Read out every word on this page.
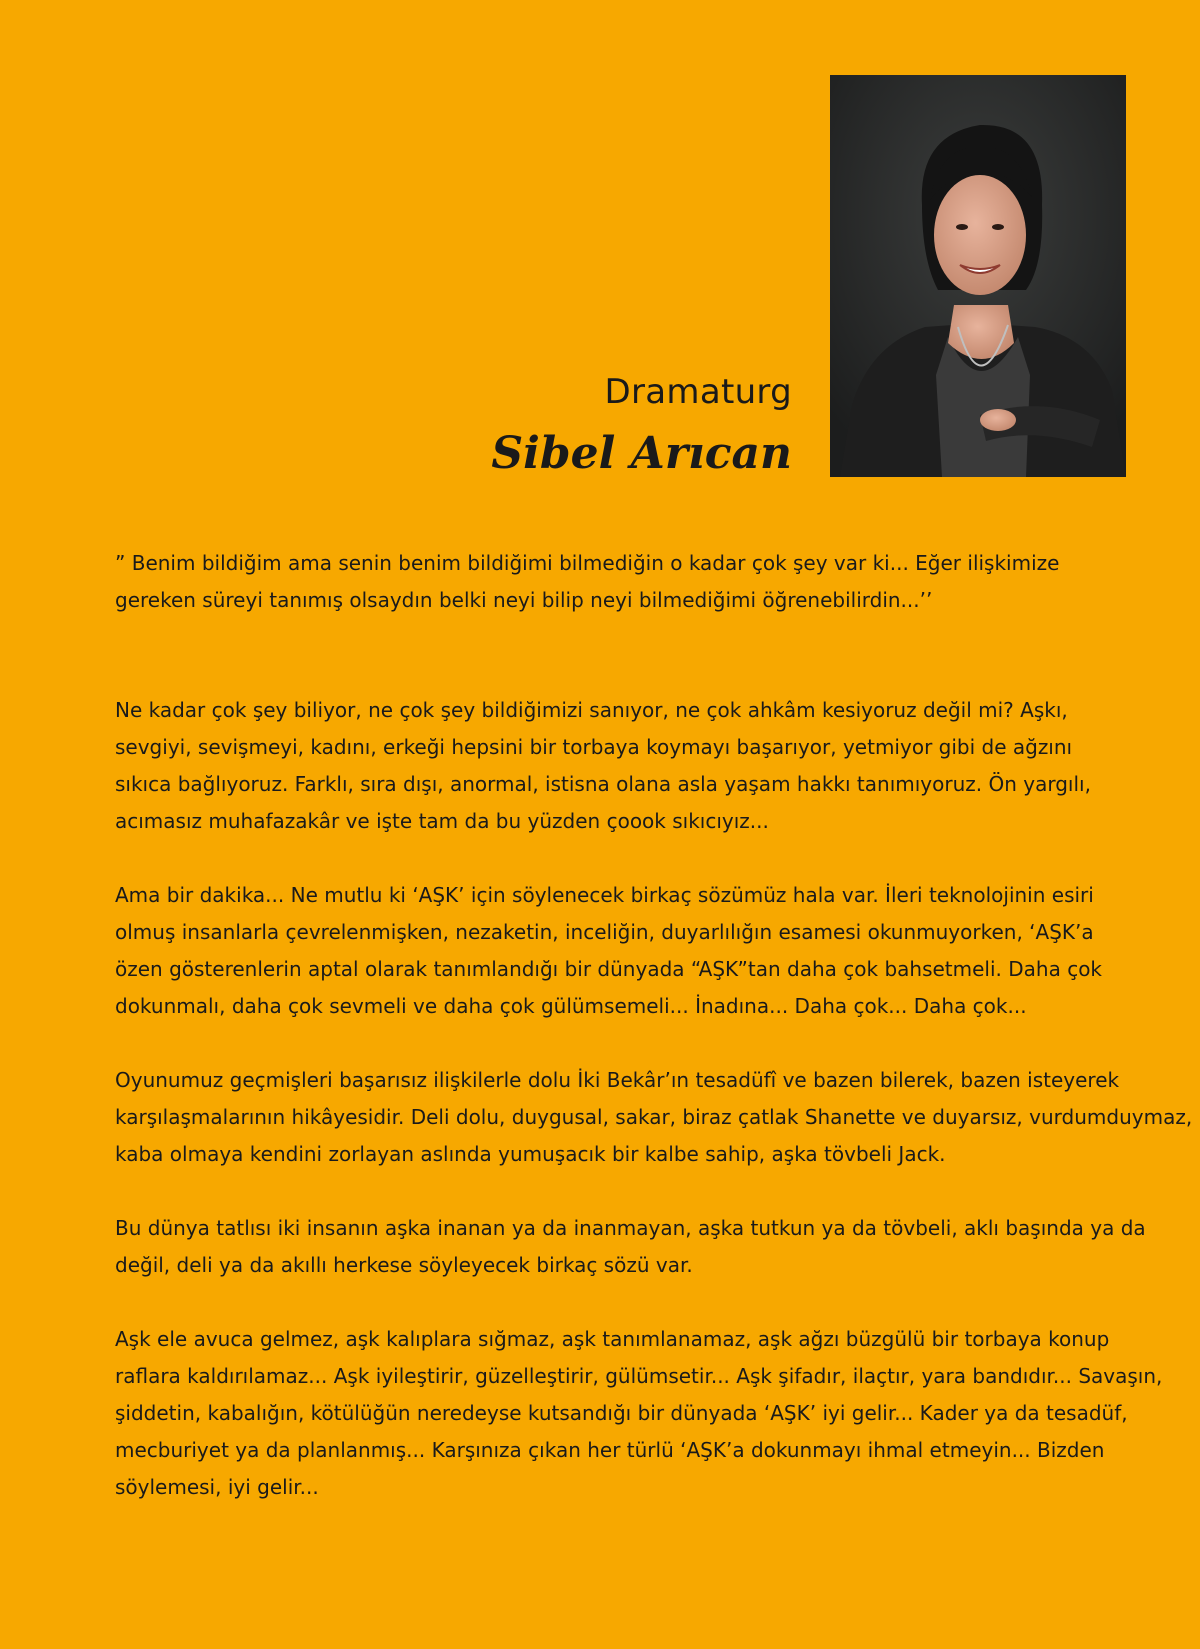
Dramaturg
Sibel Arıcan

” Benim bildiğim ama senin benim bildiğimi bilmediğin o kadar çok şey var ki... Eğer ilişkimize
gereken süreyi tanımış olsaydın belki neyi bilip neyi bilmediğimi öğrenebilirdin...’’

Ne kadar çok şey biliyor, ne çok şey bildiğimizi sanıyor, ne çok ahkâm kesiyoruz değil mi? Aşkı,
sevgiyi, sevişmeyi, kadını, erkeği hepsini bir torbaya koymayı başarıyor, yetmiyor gibi de ağzını
sıkıca bağlıyoruz. Farklı, sıra dışı, anormal, istisna olana asla yaşam hakkı tanımıyoruz. Ön yargılı,
acımasız muhafazakâr ve işte tam da bu yüzden çoook sıkıcıyız...

Ama bir dakika... Ne mutlu ki ‘AŞK’ için söylenecek birkaç sözümüz hala var. İleri teknolojinin esiri
olmuş insanlarla çevrelenmişken, nezaketin, inceliğin, duyarlılığın esamesi okunmuyorken, ‘AŞK’a
özen gösterenlerin aptal olarak tanımlandığı bir dünyada “AŞK”tan daha çok bahsetmeli. Daha çok
dokunmalı, daha çok sevmeli ve daha çok gülümsemeli... İnadına... Daha çok... Daha çok...

Oyunumuz geçmişleri başarısız ilişkilerle dolu İki Bekâr’ın tesadüfî ve bazen bilerek, bazen isteyerek
karşılaşmalarının hikâyesidir. Deli dolu, duygusal, sakar, biraz çatlak Shanette ve duyarsız, vurdumduymaz,
kaba olmaya kendini zorlayan aslında yumuşacık bir kalbe sahip, aşka tövbeli Jack.

Bu dünya tatlısı iki insanın aşka inanan ya da inanmayan, aşka tutkun ya da tövbeli, aklı başında ya da
değil, deli ya da akıllı herkese söyleyecek birkaç sözü var.

Aşk ele avuca gelmez, aşk kalıplara sığmaz, aşk tanımlanamaz, aşk ağzı büzgülü bir torbaya konup
raflara kaldırılamaz... Aşk iyileştirir, güzelleştirir, gülümsetir... Aşk şifadır, ilaçtır, yara bandıdır... Savaşın,
şiddetin, kabalığın, kötülüğün neredeyse kutsandığı bir dünyada ‘AŞK’ iyi gelir... Kader ya da tesadüf,
mecburiyet ya da planlanmış... Karşınıza çıkan her türlü ‘AŞK’a dokunmayı ihmal etmeyin... Bizden
söylemesi, iyi gelir...
